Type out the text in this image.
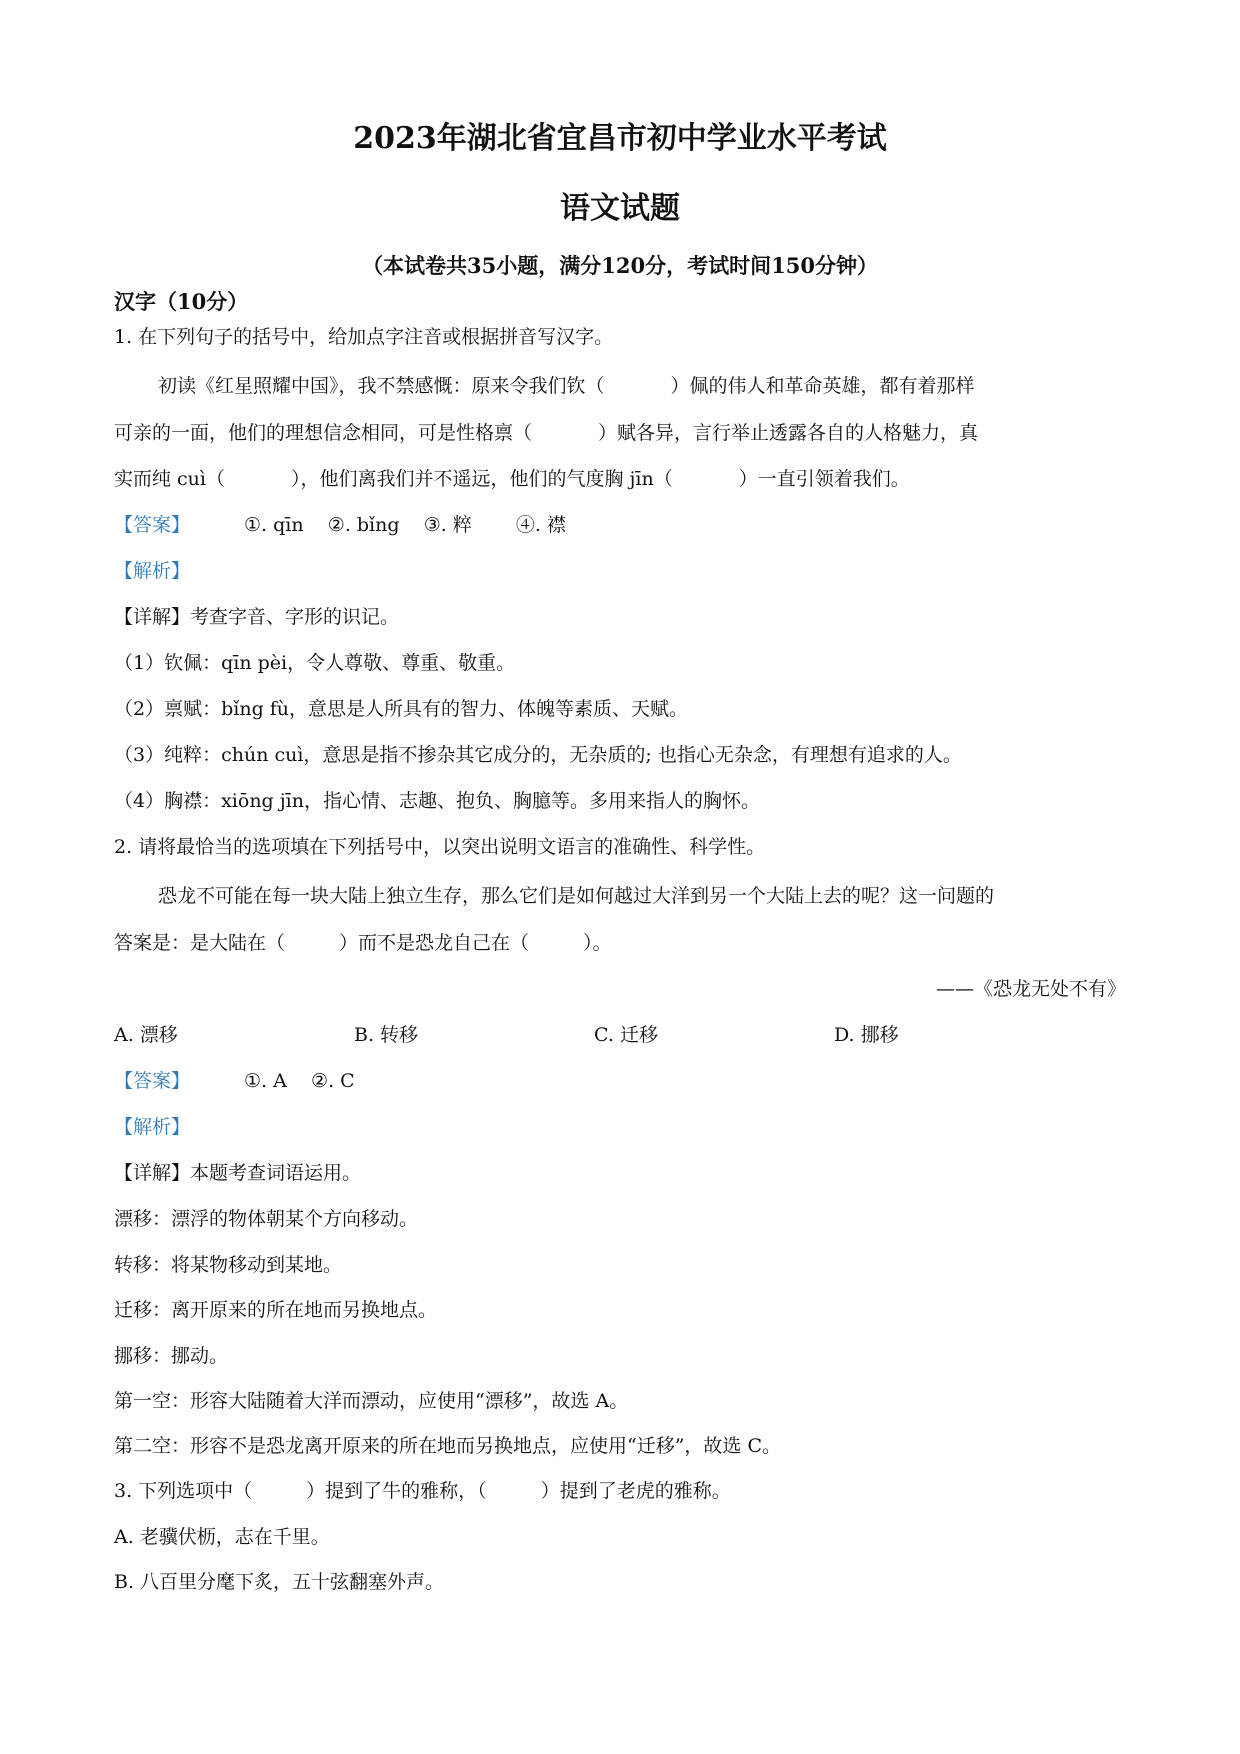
2023年湖北省宜昌市初中学业水平考试
语文试题
（本试卷共35小题，满分120分，考试时间150分钟）
汉字（10分）
1. 在下列句子的括号中，给加点字注音或根据拼音写汉字。
初读《红星照耀中国》，我不禁感慨：原来令我们钦（	）佩的伟人和革命英雄，都有着那样
可亲的一面，他们的理想信念相同，可是性格禀（	）赋各异，言行举止透露各自的人格魅力，真
实而纯 cuì（	），他们离我们并不遥远，他们的气度胸 jīn（	）一直引领着我们。
【答案】	①. qīn ②. bǐng ③. 粹 ④. 襟
【解析】
【详解】考查字音、字形的识记。
（1）钦佩：qīn pèi，令人尊敬、尊重、敬重。
（2）禀赋：bǐng fù，意思是人所具有的智力、体魄等素质、天赋。
（3）纯粹：chún cuì，意思是指不掺杂其它成分的，无杂质的; 也指心无杂念，有理想有追求的人。
（4）胸襟：xiōng jīn，指心情、志趣、抱负、胸臆等。多用来指人的胸怀。
2. 请将最恰当的选项填在下列括号中，以突出说明文语言的准确性、科学性。
恐龙不可能在每一块大陆上独立生存，那么它们是如何越过大洋到另一个大陆上去的呢？这一问题的
答案是：是大陆在（	）而不是恐龙自己在（	）。
——《恐龙无处不有》
A. 漂移	B. 转移	C. 迁移	D. 挪移
【答案】	①. A ②. C
【解析】
【详解】本题考查词语运用。
漂移：漂浮的物体朝某个方向移动。
转移：将某物移动到某地。
迁移：离开原来的所在地而另换地点。
挪移：挪动。
第一空：形容大陆随着大洋而漂动，应使用“漂移”，故选 A。
第二空：形容不是恐龙离开原来的所在地而另换地点，应使用“迁移”，故选 C。
3. 下列选项中（	）提到了牛的雅称，（	）提到了老虎的雅称。
A. 老骥伏枥，志在千里。
B. 八百里分麾下炙，五十弦翻塞外声。
